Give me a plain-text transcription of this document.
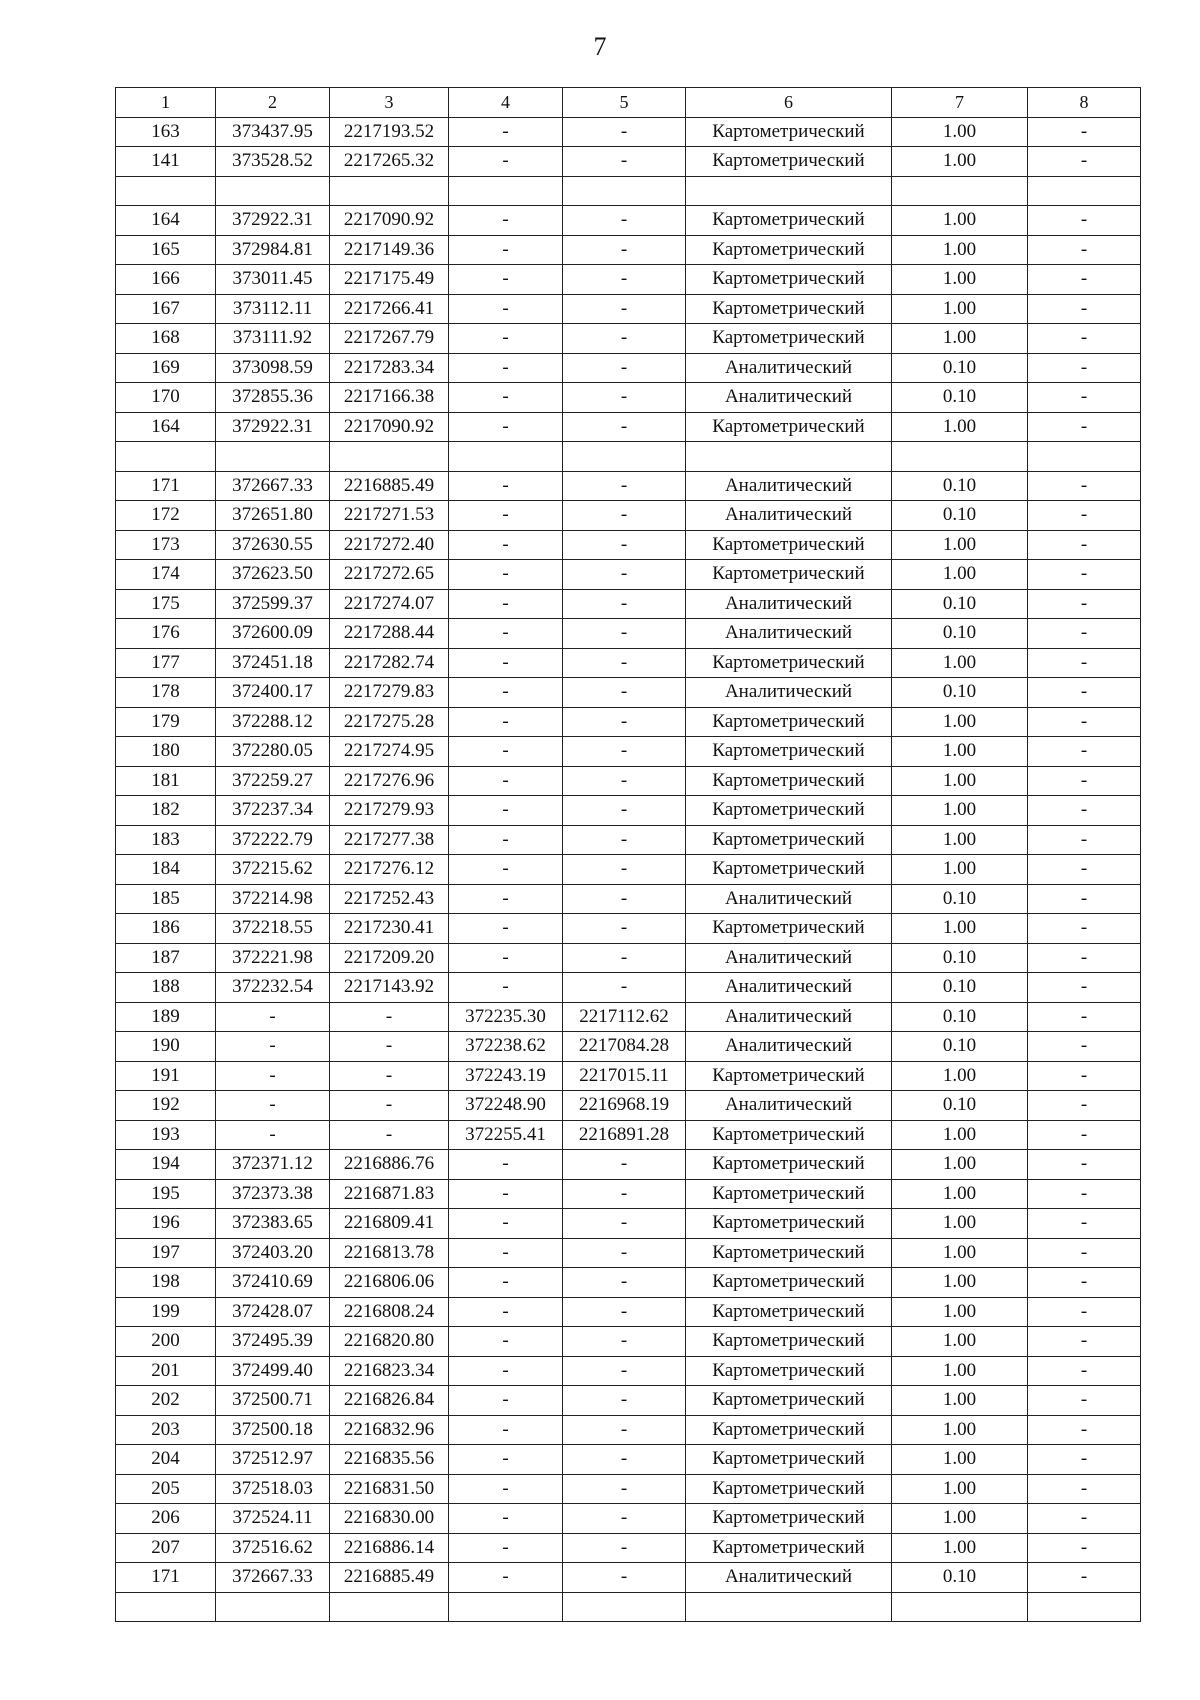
7
1	2	3	4	5	6	7	8
163	373437.95	2217193.52	-	-	Картометрический	1.00	-
141	373528.52	2217265.32	-	-	Картометрический	1.00	-

164	372922.31	2217090.92	-	-	Картометрический	1.00	-
165	372984.81	2217149.36	-	-	Картометрический	1.00	-
166	373011.45	2217175.49	-	-	Картометрический	1.00	-
167	373112.11	2217266.41	-	-	Картометрический	1.00	-
168	373111.92	2217267.79	-	-	Картометрический	1.00	-
169	373098.59	2217283.34	-	-	Аналитический	0.10	-
170	372855.36	2217166.38	-	-	Аналитический	0.10	-
164	372922.31	2217090.92	-	-	Картометрический	1.00	-

171	372667.33	2216885.49	-	-	Аналитический	0.10	-
172	372651.80	2217271.53	-	-	Аналитический	0.10	-
173	372630.55	2217272.40	-	-	Картометрический	1.00	-
174	372623.50	2217272.65	-	-	Картометрический	1.00	-
175	372599.37	2217274.07	-	-	Аналитический	0.10	-
176	372600.09	2217288.44	-	-	Аналитический	0.10	-
177	372451.18	2217282.74	-	-	Картометрический	1.00	-
178	372400.17	2217279.83	-	-	Аналитический	0.10	-
179	372288.12	2217275.28	-	-	Картометрический	1.00	-
180	372280.05	2217274.95	-	-	Картометрический	1.00	-
181	372259.27	2217276.96	-	-	Картометрический	1.00	-
182	372237.34	2217279.93	-	-	Картометрический	1.00	-
183	372222.79	2217277.38	-	-	Картометрический	1.00	-
184	372215.62	2217276.12	-	-	Картометрический	1.00	-
185	372214.98	2217252.43	-	-	Аналитический	0.10	-
186	372218.55	2217230.41	-	-	Картометрический	1.00	-
187	372221.98	2217209.20	-	-	Аналитический	0.10	-
188	372232.54	2217143.92	-	-	Аналитический	0.10	-
189	-	-	372235.30	2217112.62	Аналитический	0.10	-
190	-	-	372238.62	2217084.28	Аналитический	0.10	-
191	-	-	372243.19	2217015.11	Картометрический	1.00	-
192	-	-	372248.90	2216968.19	Аналитический	0.10	-
193	-	-	372255.41	2216891.28	Картометрический	1.00	-
194	372371.12	2216886.76	-	-	Картометрический	1.00	-
195	372373.38	2216871.83	-	-	Картометрический	1.00	-
196	372383.65	2216809.41	-	-	Картометрический	1.00	-
197	372403.20	2216813.78	-	-	Картометрический	1.00	-
198	372410.69	2216806.06	-	-	Картометрический	1.00	-
199	372428.07	2216808.24	-	-	Картометрический	1.00	-
200	372495.39	2216820.80	-	-	Картометрический	1.00	-
201	372499.40	2216823.34	-	-	Картометрический	1.00	-
202	372500.71	2216826.84	-	-	Картометрический	1.00	-
203	372500.18	2216832.96	-	-	Картометрический	1.00	-
204	372512.97	2216835.56	-	-	Картометрический	1.00	-
205	372518.03	2216831.50	-	-	Картометрический	1.00	-
206	372524.11	2216830.00	-	-	Картометрический	1.00	-
207	372516.62	2216886.14	-	-	Картометрический	1.00	-
171	372667.33	2216885.49	-	-	Аналитический	0.10	-
